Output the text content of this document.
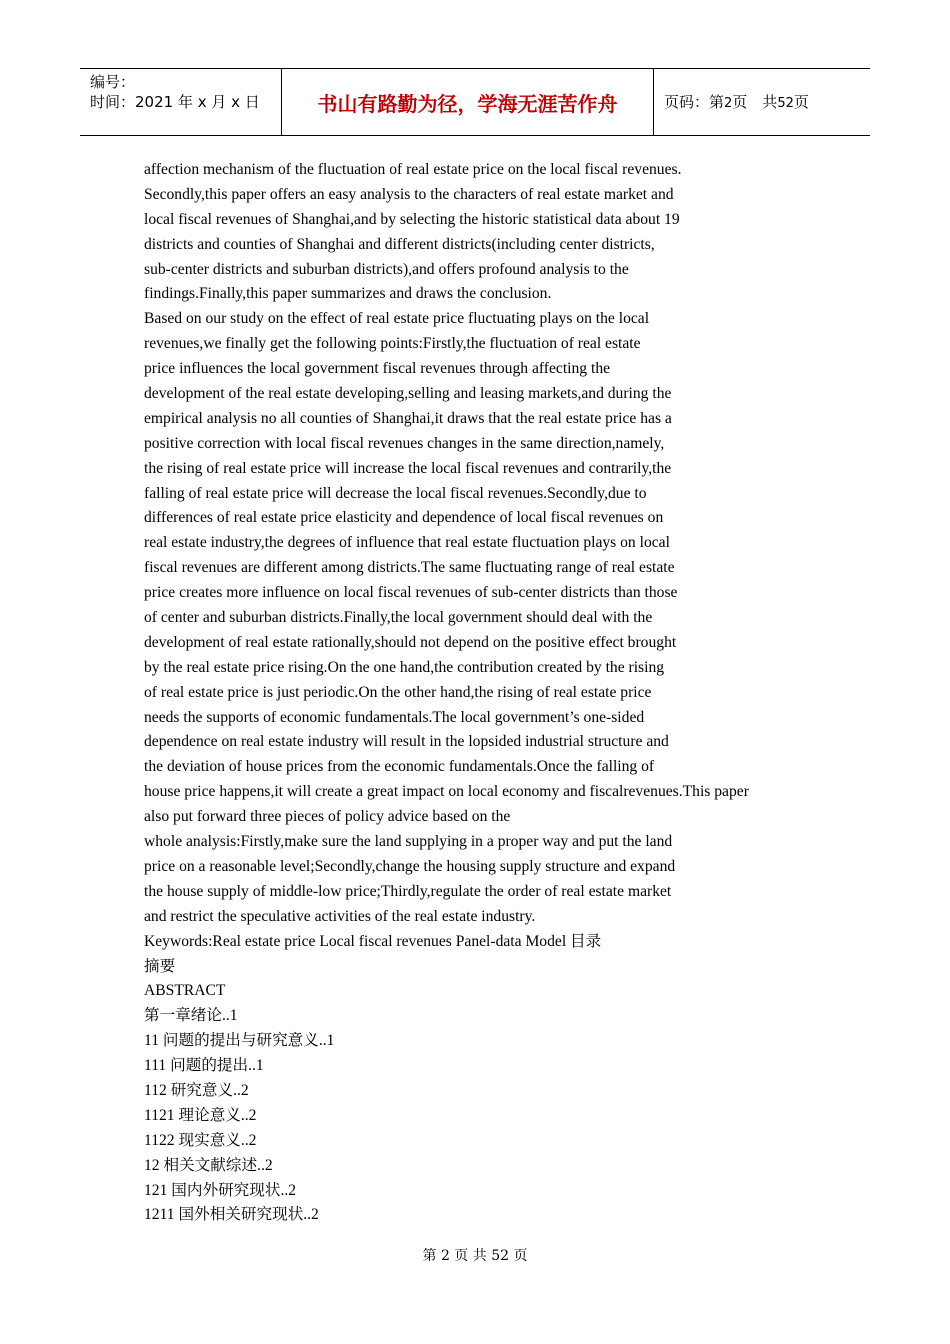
编号：
时间：2021 年 x 月 x 日	书山有路勤为径，学海无涯苦作舟	页码：第2页　共52页
affection mechanism of the fluctuation of real estate price on the local fiscal revenues.
Secondly,this paper offers an easy analysis to the characters of real estate market and
local fiscal revenues of Shanghai,and by selecting the historic statistical data about 19
districts and counties of Shanghai and different districts(including center districts,
sub-center districts and suburban districts),and offers profound analysis to the
findings.Finally,this paper summarizes and draws the conclusion.
Based on our study on the effect of real estate price fluctuating plays on the local
revenues,we finally get the following points:Firstly,the fluctuation of real estate
price influences the local government fiscal revenues through affecting the
development of the real estate developing,selling and leasing markets,and during the
empirical analysis no all counties of Shanghai,it draws that the real estate price has a
positive correction with local fiscal revenues changes in the same direction,namely,
the rising of real estate price will increase the local fiscal revenues and contrarily,the
falling of real estate price will decrease the local fiscal revenues.Secondly,due to
differences of real estate price elasticity and dependence of local fiscal revenues on
real estate industry,the degrees of influence that real estate fluctuation plays on local
fiscal revenues are different among districts.The same fluctuating range of real estate
price creates more influence on local fiscal revenues of sub-center districts than those
of center and suburban districts.Finally,the local government should deal with the
development of real estate rationally,should not depend on the positive effect brought
by the real estate price rising.On the one hand,the contribution created by the rising
of real estate price is just periodic.On the other hand,the rising of real estate price
needs the supports of economic fundamentals.The local government’s one-sided
dependence on real estate industry will result in the lopsided industrial structure and
the deviation of house prices from the economic fundamentals.Once the falling of
house price happens,it will create a great impact on local economy and fiscalrevenues.This paper
also put forward three pieces of policy advice based on the
whole analysis:Firstly,make sure the land supplying in a proper way and put the land
price on a reasonable level;Secondly,change the housing supply structure and expand
the house supply of middle-low price;Thirdly,regulate the order of real estate market
and restrict the speculative activities of the real estate industry.
Keywords:Real estate price Local fiscal revenues Panel-data Model 目录
摘要
ABSTRACT
第一章绪论..1
11 问题的提出与研究意义..1
111 问题的提出..1
112 研究意义..2
1121 理论意义..2
1122 现实意义..2
12 相关文献综述..2
121 国内外研究现状..2
1211 国外相关研究现状..2
第 2 页 共 52 页
